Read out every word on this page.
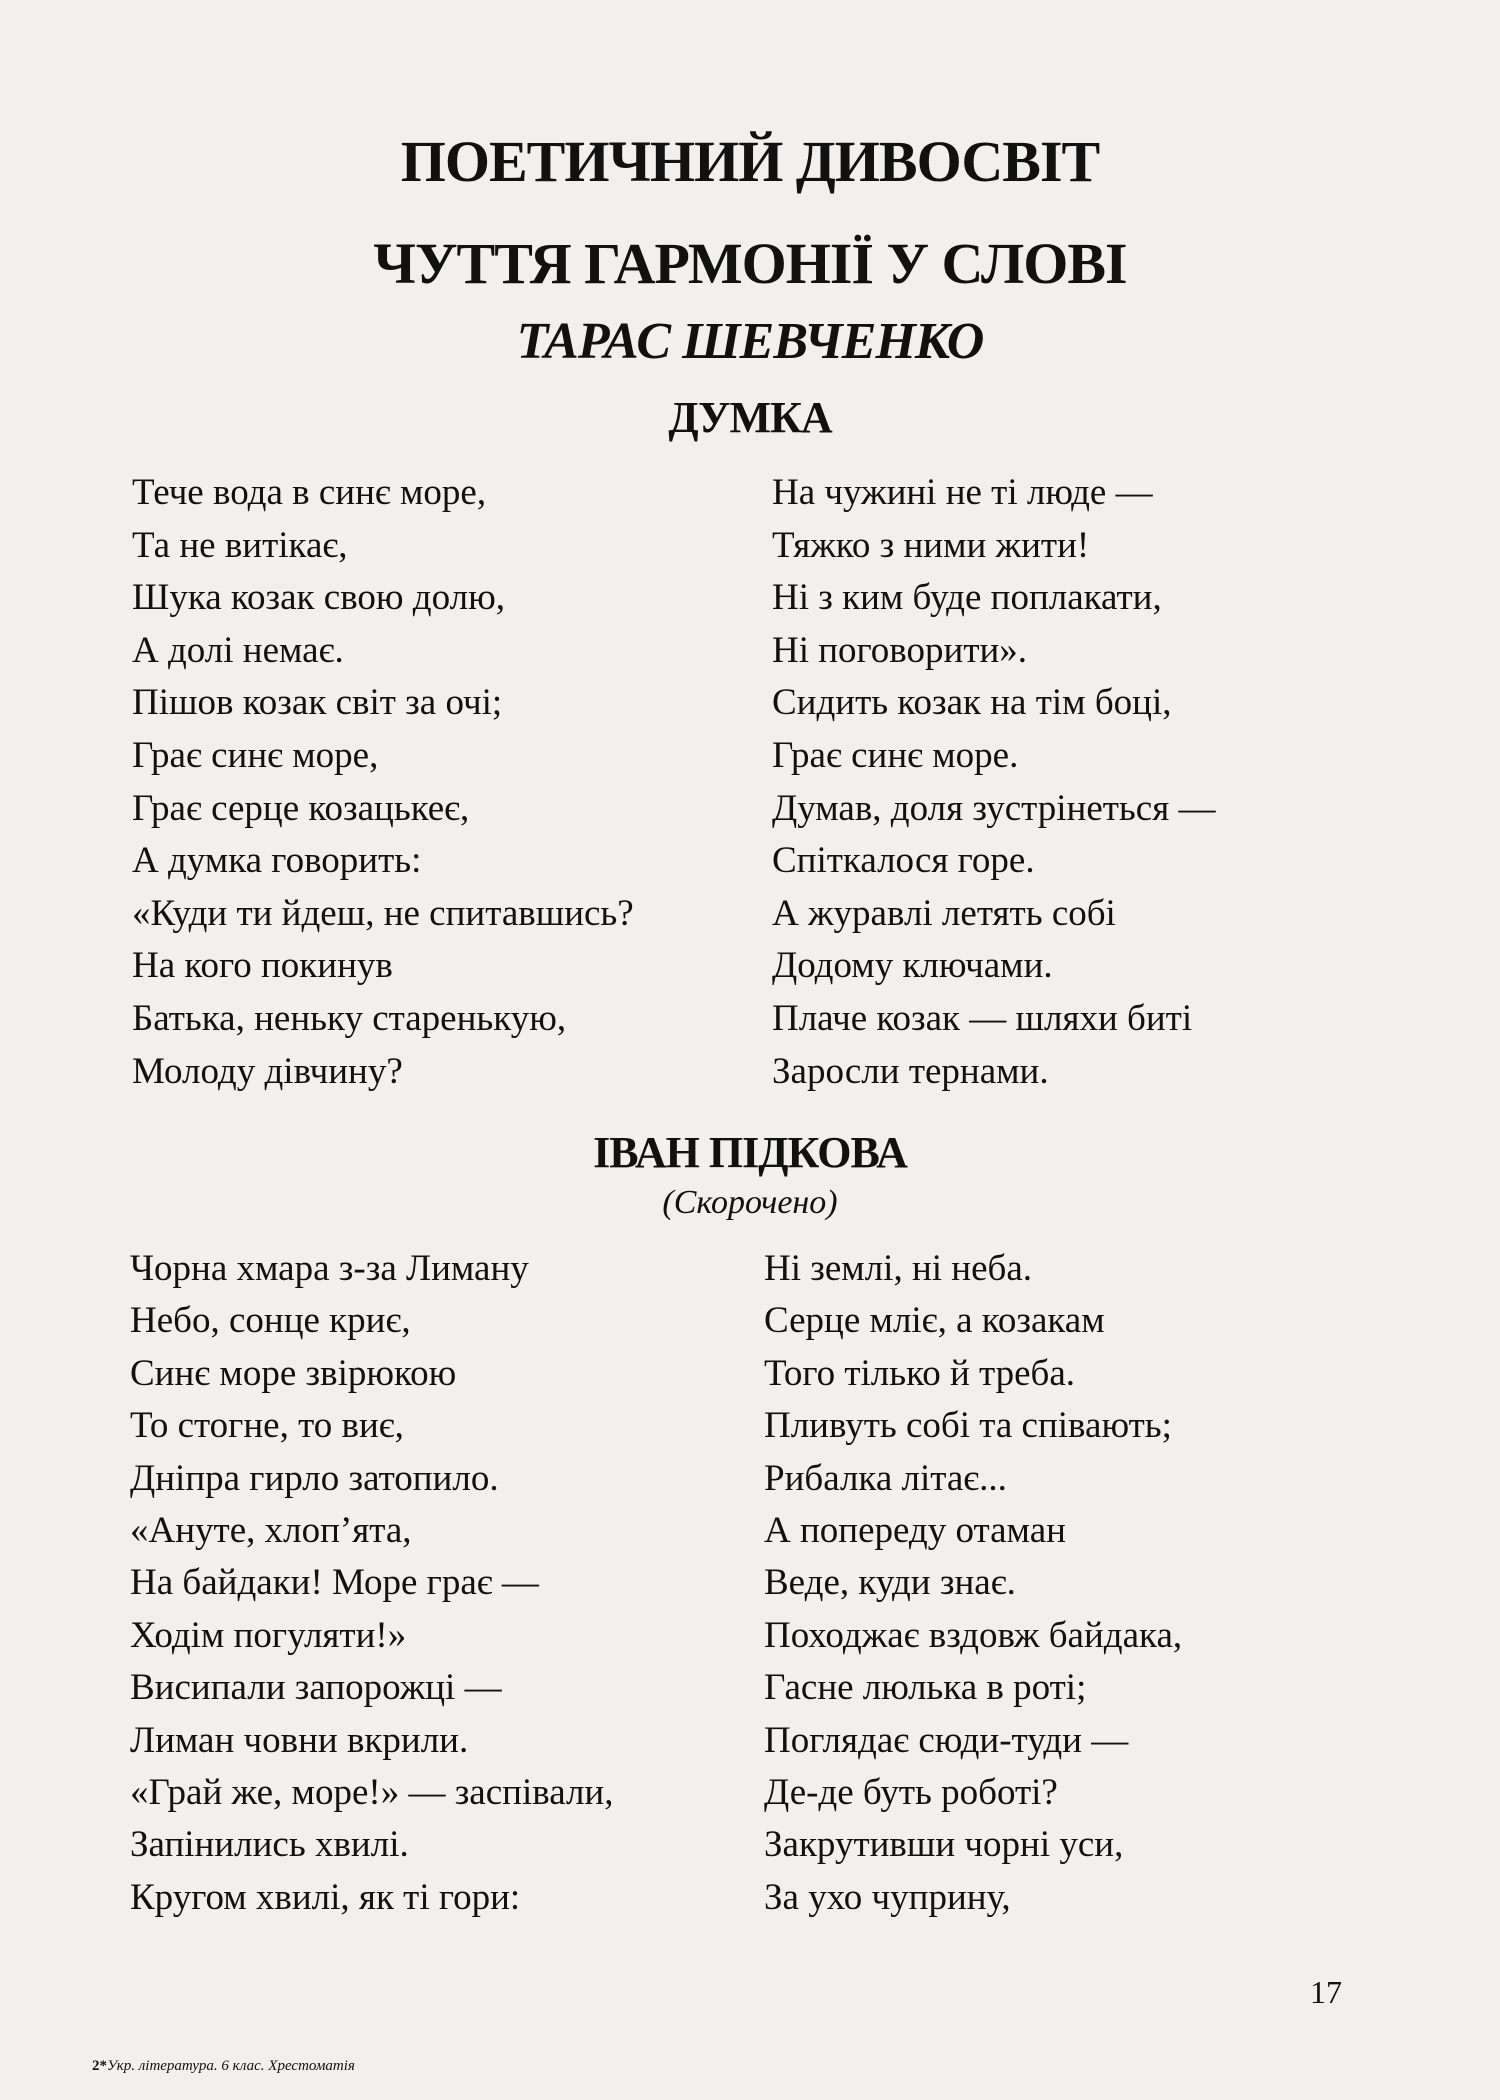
ПОЕТИЧНИЙ ДИВОСВІТ
ЧУТТЯ ГАРМОНІЇ У СЛОВІ
ТАРАС ШЕВЧЕНКО
ДУМКА
Тече вода в синє море,
Та не витікає,
Шука козак свою долю,
А долі немає.
Пішов козак світ за очі;
Грає синє море,
Грає серце козацькеє,
А думка говорить:
«Куди ти йдеш, не спитавшись?
На кого покинув
Батька, неньку старенькую,
Молоду дівчину?
На чужині не ті люде —
Тяжко з ними жити!
Ні з ким буде поплакати,
Ні поговорити».
Сидить козак на тім боці,
Грає синє море.
Думав, доля зустрінеться —
Спіткалося горе.
А журавлі летять собі
Додому ключами.
Плаче козак — шляхи биті
Заросли тернами.
ІВАН ПІДКОВА

(Скорочено)

Чорна хмара з-за Лиману
Небо, сонце криє,
Синє море звірюкою
То стогне, то виє,
Дніпра гирло затопило.
«Ануте, хлоп’ята,
На байдаки! Море грає —
Ходім погуляти!»
Висипали запорожці —
Лиман човни вкрили.
«Грай же, море!» — заспівали,
Запінились хвилі.
Кругом хвилі, як ті гори:
Ні землі, ні неба.
Серце мліє, а козакам
Того тілько й треба.
Пливуть собі та співають;
Рибалка літає...
А попереду отаман
Веде, куди знає.
Походжає вздовж байдака,
Гасне люлька в роті;
Поглядає сюди-туди —
Де-де буть роботі?
Закрутивши чорні уси,
За ухо чуприну,
17
2*Укр. література. 6 клас. Хрестоматія
